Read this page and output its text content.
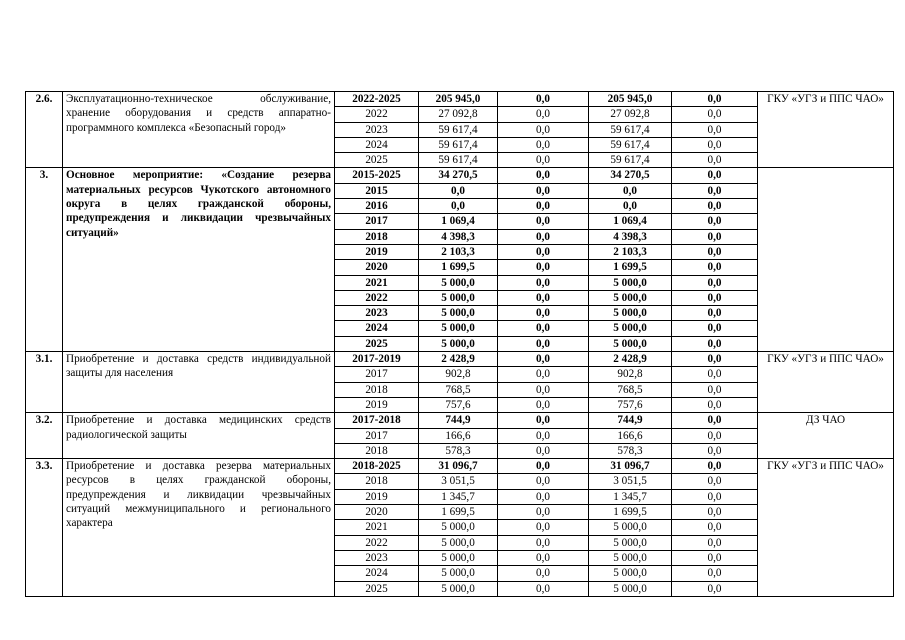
2.6.	Эксплуатационно-техническое обслуживание, хранение оборудования и средств аппаратно-программного комплекса «Безопасный город»	2022-2025	205 945,0	0,0	205 945,0	0,0	ГКУ «УГЗ и ППС ЧАО»
		2022	27 092,8	0,0	27 092,8	0,0	
		2023	59 617,4	0,0	59 617,4	0,0	
		2024	59 617,4	0,0	59 617,4	0,0	
		2025	59 617,4	0,0	59 617,4	0,0	
3.	Основное мероприятие: «Создание резерва материальных ресурсов Чукотского автономного округа в целях гражданской обороны, предупреждения и ликвидации чрезвычайных ситуаций»	2015-2025	34 270,5	0,0	34 270,5	0,0	
		2015	0,0	0,0	0,0	0,0	
		2016	0,0	0,0	0,0	0,0	
		2017	1 069,4	0,0	1 069,4	0,0	
		2018	4 398,3	0,0	4 398,3	0,0	
		2019	2 103,3	0,0	2 103,3	0,0	
		2020	1 699,5	0,0	1 699,5	0,0	
		2021	5 000,0	0,0	5 000,0	0,0	
		2022	5 000,0	0,0	5 000,0	0,0	
		2023	5 000,0	0,0	5 000,0	0,0	
		2024	5 000,0	0,0	5 000,0	0,0	
		2025	5 000,0	0,0	5 000,0	0,0	
3.1.	Приобретение и доставка средств индивидуальной защиты для населения	2017-2019	2 428,9	0,0	2 428,9	0,0	ГКУ «УГЗ и ППС ЧАО»
		2017	902,8	0,0	902,8	0,0	
		2018	768,5	0,0	768,5	0,0	
		2019	757,6	0,0	757,6	0,0	
3.2.	Приобретение и доставка медицинских средств радиологической защиты	2017-2018	744,9	0,0	744,9	0,0	ДЗ ЧАО
		2017	166,6	0,0	166,6	0,0	
		2018	578,3	0,0	578,3	0,0	
3.3.	Приобретение и доставка резерва материальных ресурсов в целях гражданской обороны, предупреждения и ликвидации чрезвычайных ситуаций межмуниципального и регионального характера	2018-2025	31 096,7	0,0	31 096,7	0,0	ГКУ «УГЗ и ППС ЧАО»
		2018	3 051,5	0,0	3 051,5	0,0	
		2019	1 345,7	0,0	1 345,7	0,0	
		2020	1 699,5	0,0	1 699,5	0,0	
		2021	5 000,0	0,0	5 000,0	0,0	
		2022	5 000,0	0,0	5 000,0	0,0	
		2023	5 000,0	0,0	5 000,0	0,0	
		2024	5 000,0	0,0	5 000,0	0,0	
		2025	5 000,0	0,0	5 000,0	0,0	
